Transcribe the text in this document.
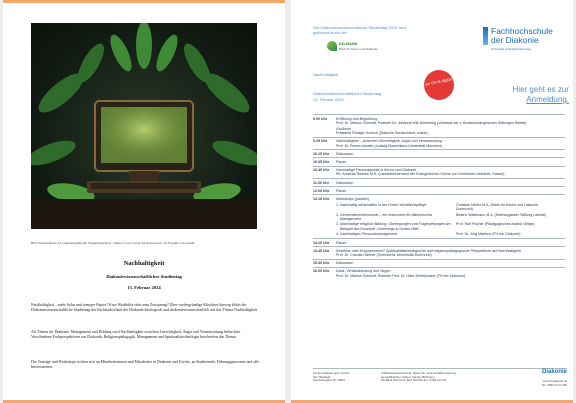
Bild: Ausschnittaus 3d computergrafik mit Pergamentgrafen". Dieses Cover wurde mit Ressourcen von Freepik.com erstellt.
Nachhaltigkeit
Diakoniewissenschaftlicher Studientag
13. Februar 2024
Nachhaltigkeit – mehr Solar und weniger Papier? Kurz Worthülse oder zum Zeitsprung? Über vordergründige Klischees hinweg blickt der Diakoniewissenschaftliche Studientag der Fachhochschule der Diakonie theologisch und diakoniewissenschaftlich auf das Thema Nachhaltigkeit.
Als Thema für Diakonie, Management und Bildung wird Nachhaltigkeit zwischen Gerechtigkeit, Angst und Verantwortung beleuchtet. Verschiedene Fachperspektiven aus Diakonik, Religionspädagogik, Management und Spiritualitätstheologie beschreiten das Thema.
Die Vorträge und Workshops richten sich an Mitarbeiterinnen und Mitarbeiter in Diakonie und Kirche, an Studierende, Führungspersonen und alle Interessierten.
Der Diakoniewissenschaftliche Studientag 2024 wird
gefördert durch die
KD-BANK
Bank für Kirche und Diakonie
Fachhochschule
der Diakonie
University of Applied Sciences
Nachhaltigkeit
Diakoniewissenschaftlicher Studientag
13. Februar 2024
vor Ort & digital
Hier geht es zur Anmeldung.
9.00 Uhr	Eröffnung und Begrüßung
Prof. Dr. Markus Schmidt, Pastorin Dr. Johanna Will-Armstrong (Vorstand der v. Bodelschwinghschen Stiftungen Bethel)
Grußwort
Präsident Rüdiger Schuch (Diakonie Deutschland, online)
9.25 Uhr	Nachhaltigkeit – zwischen Gerechtigkeit, Angst und Verantwortung
Prof. Dr. Reiner Anselm (Ludwig-Maximilians-Universität München)
10.10 Uhr	Diskussion
10.35 Uhr	Pause
10.40 Uhr	Nachhaltige Personalpolitik in Kirche und Diakonie
Pfr. Andreas Rohnke M.A. (Landeskirchenamt der Evangelischen Kirche von Kurhessen-Waldeck, Kassel)
11.30 Uhr	Diskussion
12.00 Uhr	Pause
13.15 Uhr	Workshops (parallel)
1. Nachhaltig wirtschaften in der Freien Wohlfahrtspflege	Christian Müller M.A. (Bank für Kirche und Diakonie, Dortmund)
2. Gemeinwesenökonomie – ein Instrument für diakonisches Management
Beatrix Waldmann M.A. (Hoffnungstaler Stiftung Lobetal)
3. Nachhaltige religiöse Bildung. Überlegungen und Fragestellungen am Beispiel des Konzepts „Unterwegs in Gottes Welt“
Prof. Ralf Fischer (Pädagogisches Institut Villigst)
4. Nachhaltiges Personalmanagement	Prof. Dr. Jörg Martens (FH der Diakonie)
14.15 Uhr	Pause
14.45 Uhr	Resilienz oder Empowerment? Spiritualitätstheologische und religionspädagogische Perspektiven auf Nachhaltigkeit
Prof. Dr. Claudia Gärtner (Technische Universität Dortmund)
15.30 Uhr	Diskussion
16.00 Uhr	Dank, Verabschiedung und Segen
Prof. Dr. Markus Schmidt, Rektorin Prof. Dr. Hilke Bertelsmann (FH der Diakonie)
FH der Diakonie gem. GmbH
Sitz: Bielefeld
Handelsregister Bi: 36667
Aufsichtsratsvorsitzende: Pastor Dr. Johanna Will-Armstrong
Geschäftsführer: Diakon Carsten Bühmann
KD-Bank Dortmund: BLZ 350 601 90 / 2 056 131 011
Diakonie
www.fh-diakonie.de
Tel.: 0800 24 24 256
